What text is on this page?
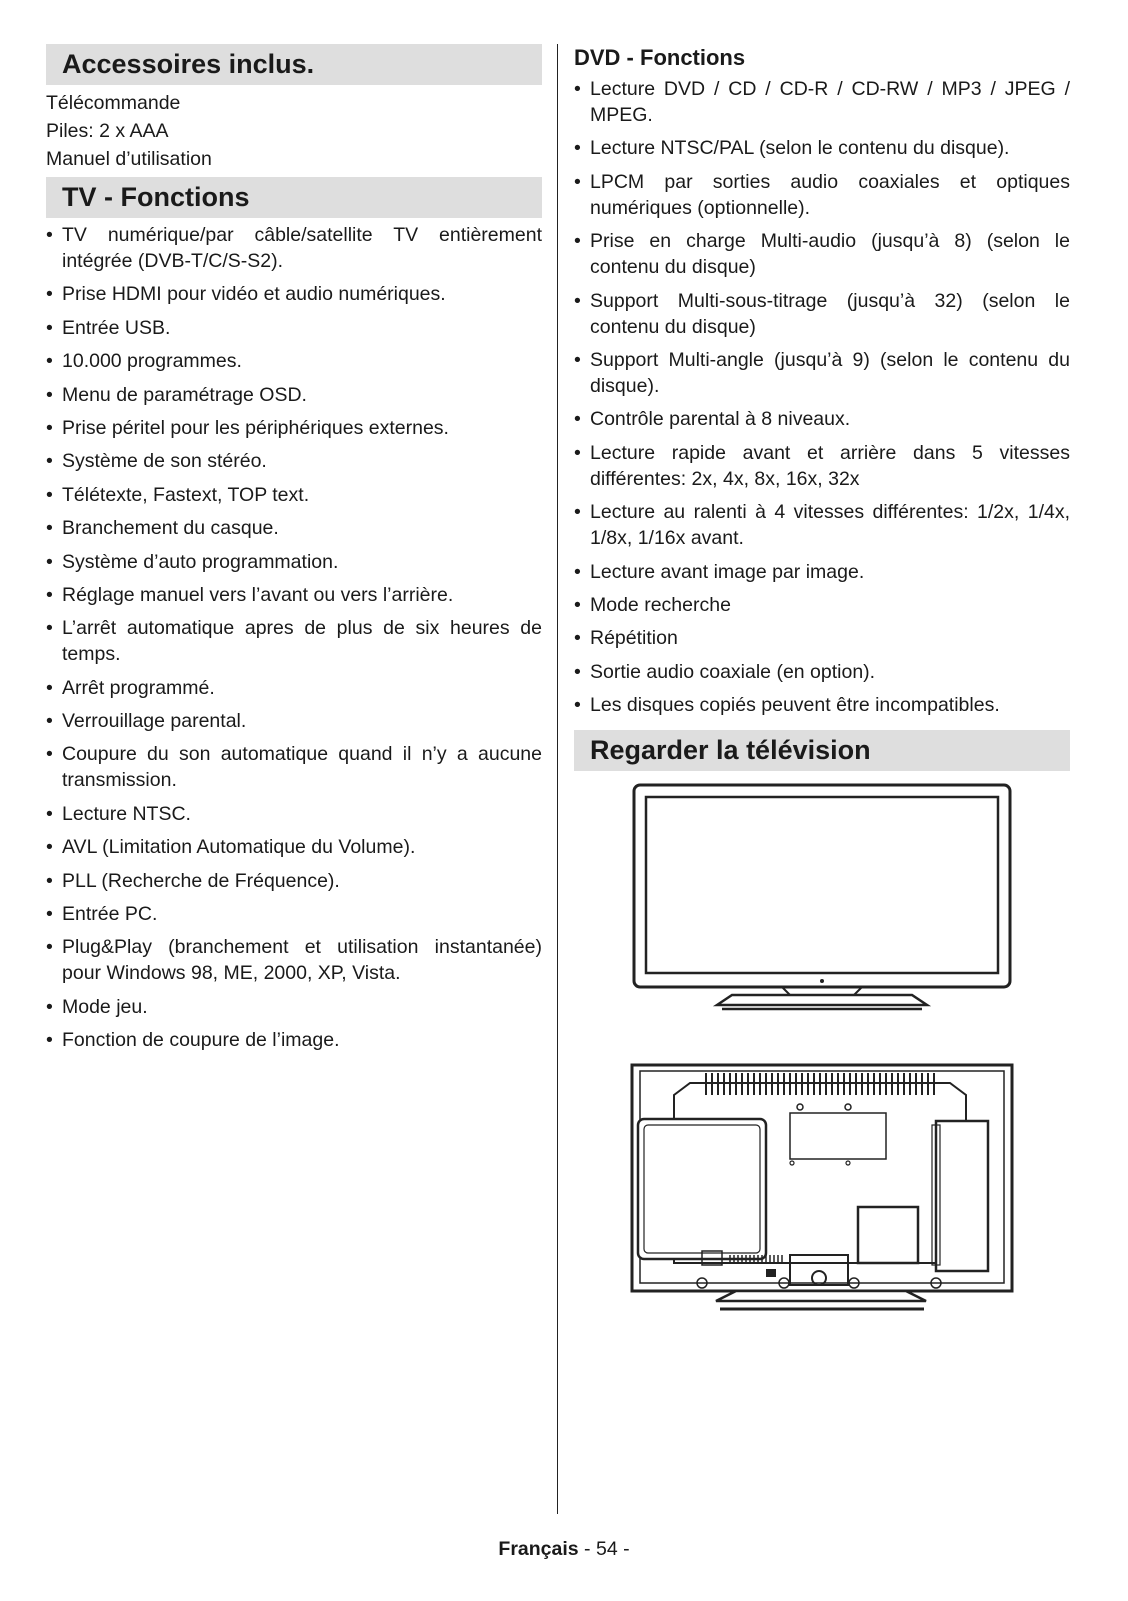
Accessoires inclus.
Télécommande
Piles: 2 x AAA
Manuel d’utilisation
TV - Fonctions
• TV numérique/par câble/satellite TV entièrement intégrée (DVB-T/C/S-S2).
• Prise HDMI pour vidéo et audio numériques.
• Entrée USB.
• 10.000 programmes.
• Menu de paramétrage OSD.
• Prise péritel pour les périphériques externes.
• Système de son stéréo.
• Télétexte, Fastext, TOP text.
• Branchement du casque.
• Système d’auto programmation.
• Réglage manuel vers l’avant ou vers l’arrière.
• L’arrêt automatique apres de plus de six heures de temps.
• Arrêt programmé.
• Verrouillage parental.
• Coupure du son automatique quand il n’y a aucune transmission.
• Lecture NTSC.
• AVL (Limitation Automatique du Volume).
• PLL (Recherche de Fréquence).
• Entrée PC.
• Plug&Play (branchement et utilisation instantanée) pour Windows 98, ME, 2000, XP, Vista.
• Mode jeu.
• Fonction de coupure de l’image.
DVD - Fonctions
• Lecture DVD / CD / CD-R / CD-RW / MP3 / JPEG / MPEG.
• Lecture NTSC/PAL (selon le contenu du disque).
• LPCM par sorties audio coaxiales et optiques numériques (optionnelle).
• Prise en charge Multi-audio (jusqu’à 8) (selon le contenu du disque)
• Support Multi-sous-titrage (jusqu’à 32) (selon le contenu du disque)
• Support Multi-angle (jusqu’à 9) (selon le contenu du disque).
• Contrôle parental à 8 niveaux.
• Lecture rapide avant et arrière dans 5 vitesses différentes: 2x, 4x, 8x, 16x, 32x
• Lecture au ralenti à 4 vitesses différentes: 1/2x, 1/4x, 1/8x, 1/16x avant.
• Lecture avant image par image.
• Mode recherche
• Répétition
• Sortie audio coaxiale (en option).
• Les disques copiés peuvent être incompatibles.
Regarder la télévision
Français - 54 -
